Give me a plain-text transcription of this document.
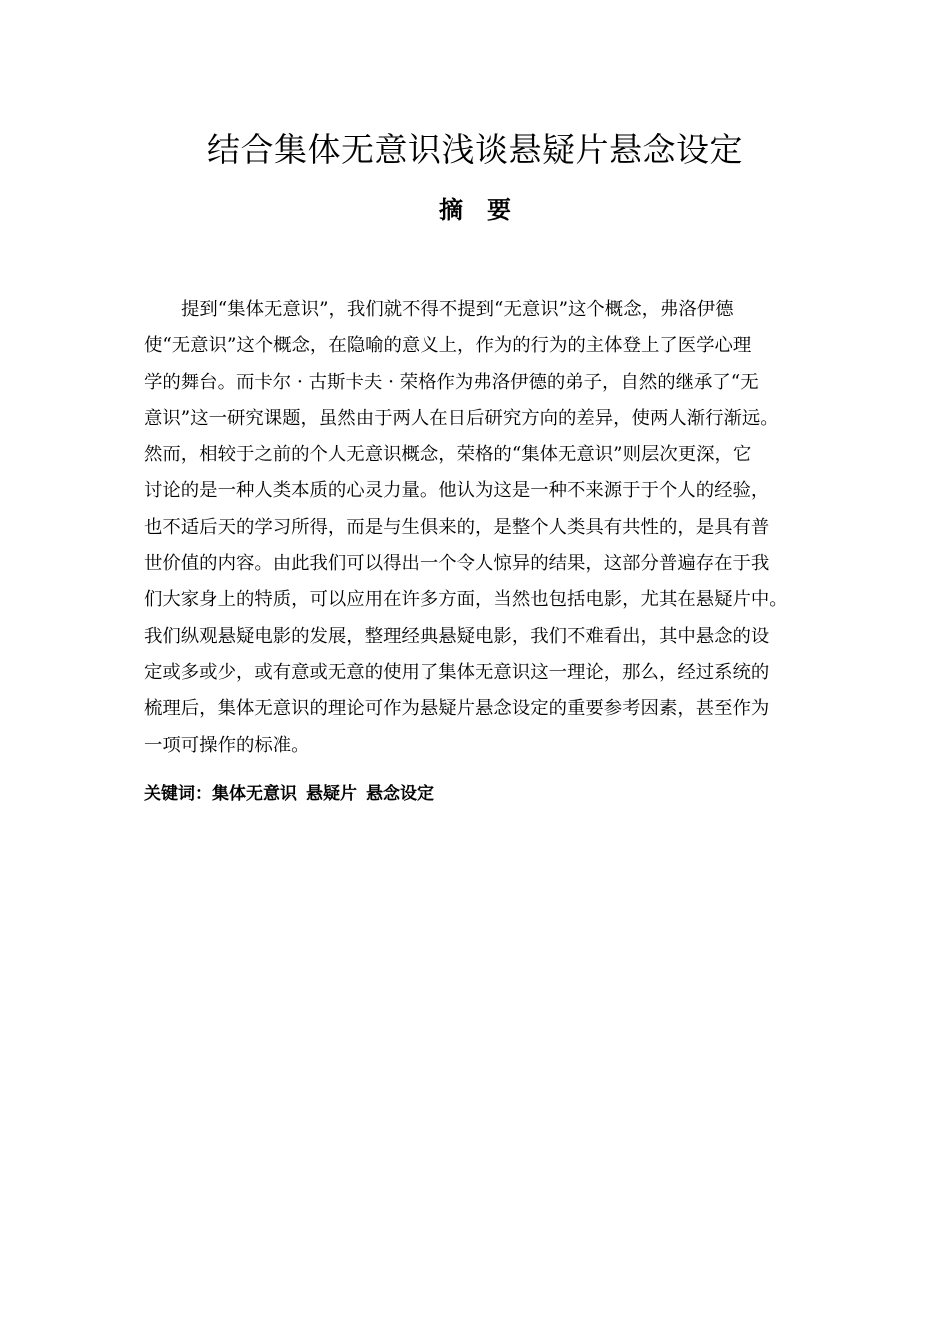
结合集体无意识浅谈悬疑片悬念设定
摘　要
提到“集体无意识”，我们就不得不提到“无意识”这个概念，弗洛伊德
使“无意识”这个概念，在隐喻的意义上，作为的行为的主体登上了医学心理
学的舞台。而卡尔 · 古斯卡夫 · 荣格作为弗洛伊德的弟子，自然的继承了“无
意识”这一研究课题，虽然由于两人在日后研究方向的差异，使两人渐行渐远。
然而，相较于之前的个人无意识概念，荣格的“集体无意识”则层次更深，它
讨论的是一种人类本质的心灵力量。他认为这是一种不来源于于个人的经验，
也不适后天的学习所得，而是与生俱来的，是整个人类具有共性的，是具有普
世价值的内容。由此我们可以得出一个令人惊异的结果，这部分普遍存在于我
们大家身上的特质，可以应用在许多方面，当然也包括电影，尤其在悬疑片中。
我们纵观悬疑电影的发展，整理经典悬疑电影，我们不难看出，其中悬念的设
定或多或少，或有意或无意的使用了集体无意识这一理论，那么，经过系统的
梳理后，集体无意识的理论可作为悬疑片悬念设定的重要参考因素，甚至作为
一项可操作的标准。
关键词：集体无意识 悬疑片 悬念设定
